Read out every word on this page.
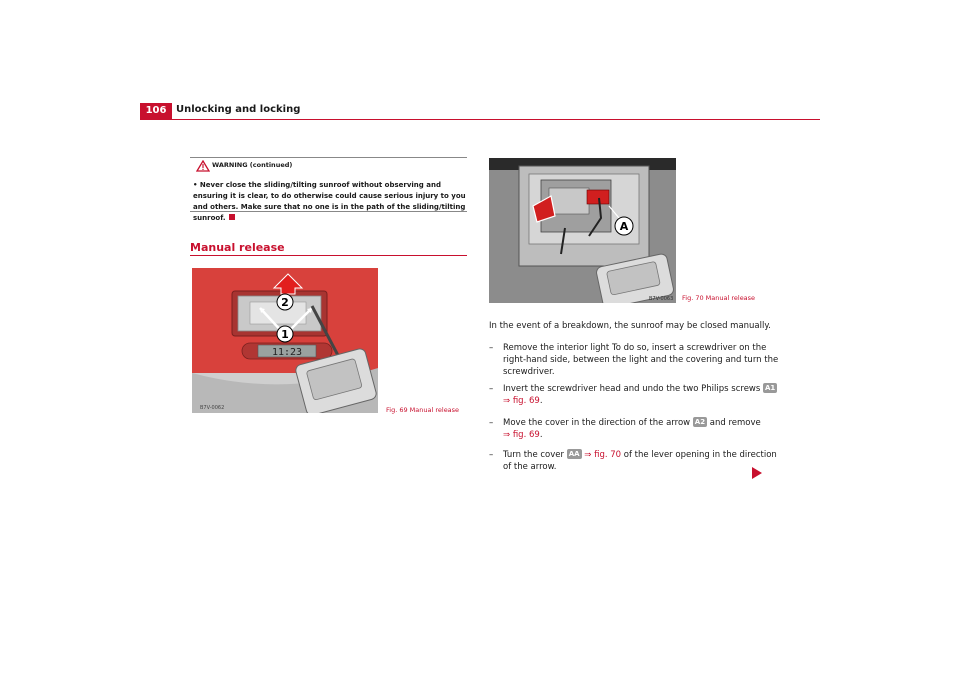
106 Unlocking and locking
WARNING (continued)
• Never close the sliding/tilting sunroof without observing and ensuring it is clear, to do otherwise could cause serious injury to you and others. Make sure that no one is in the path of the sliding/tilting sunroof.
Manual release
11:23
2
1
B7V-0062	Fig. 69 Manual release
A
B7V-0063 Fig. 70 Manual release
In the event of a breakdown, the sunroof may be closed manually.
– Remove the interior light To do so, insert a screwdriver on the right-hand side, between the light and the covering and turn the screwdriver.
– Invert the screwdriver head and undo the two Philips screws A1
⇒ fig. 69.
– Move the cover in the direction of the arrow A2 and remove
⇒ fig. 69.
– Turn the cover AA ⇒ fig. 70 of the lever opening in the direction of the arrow.
